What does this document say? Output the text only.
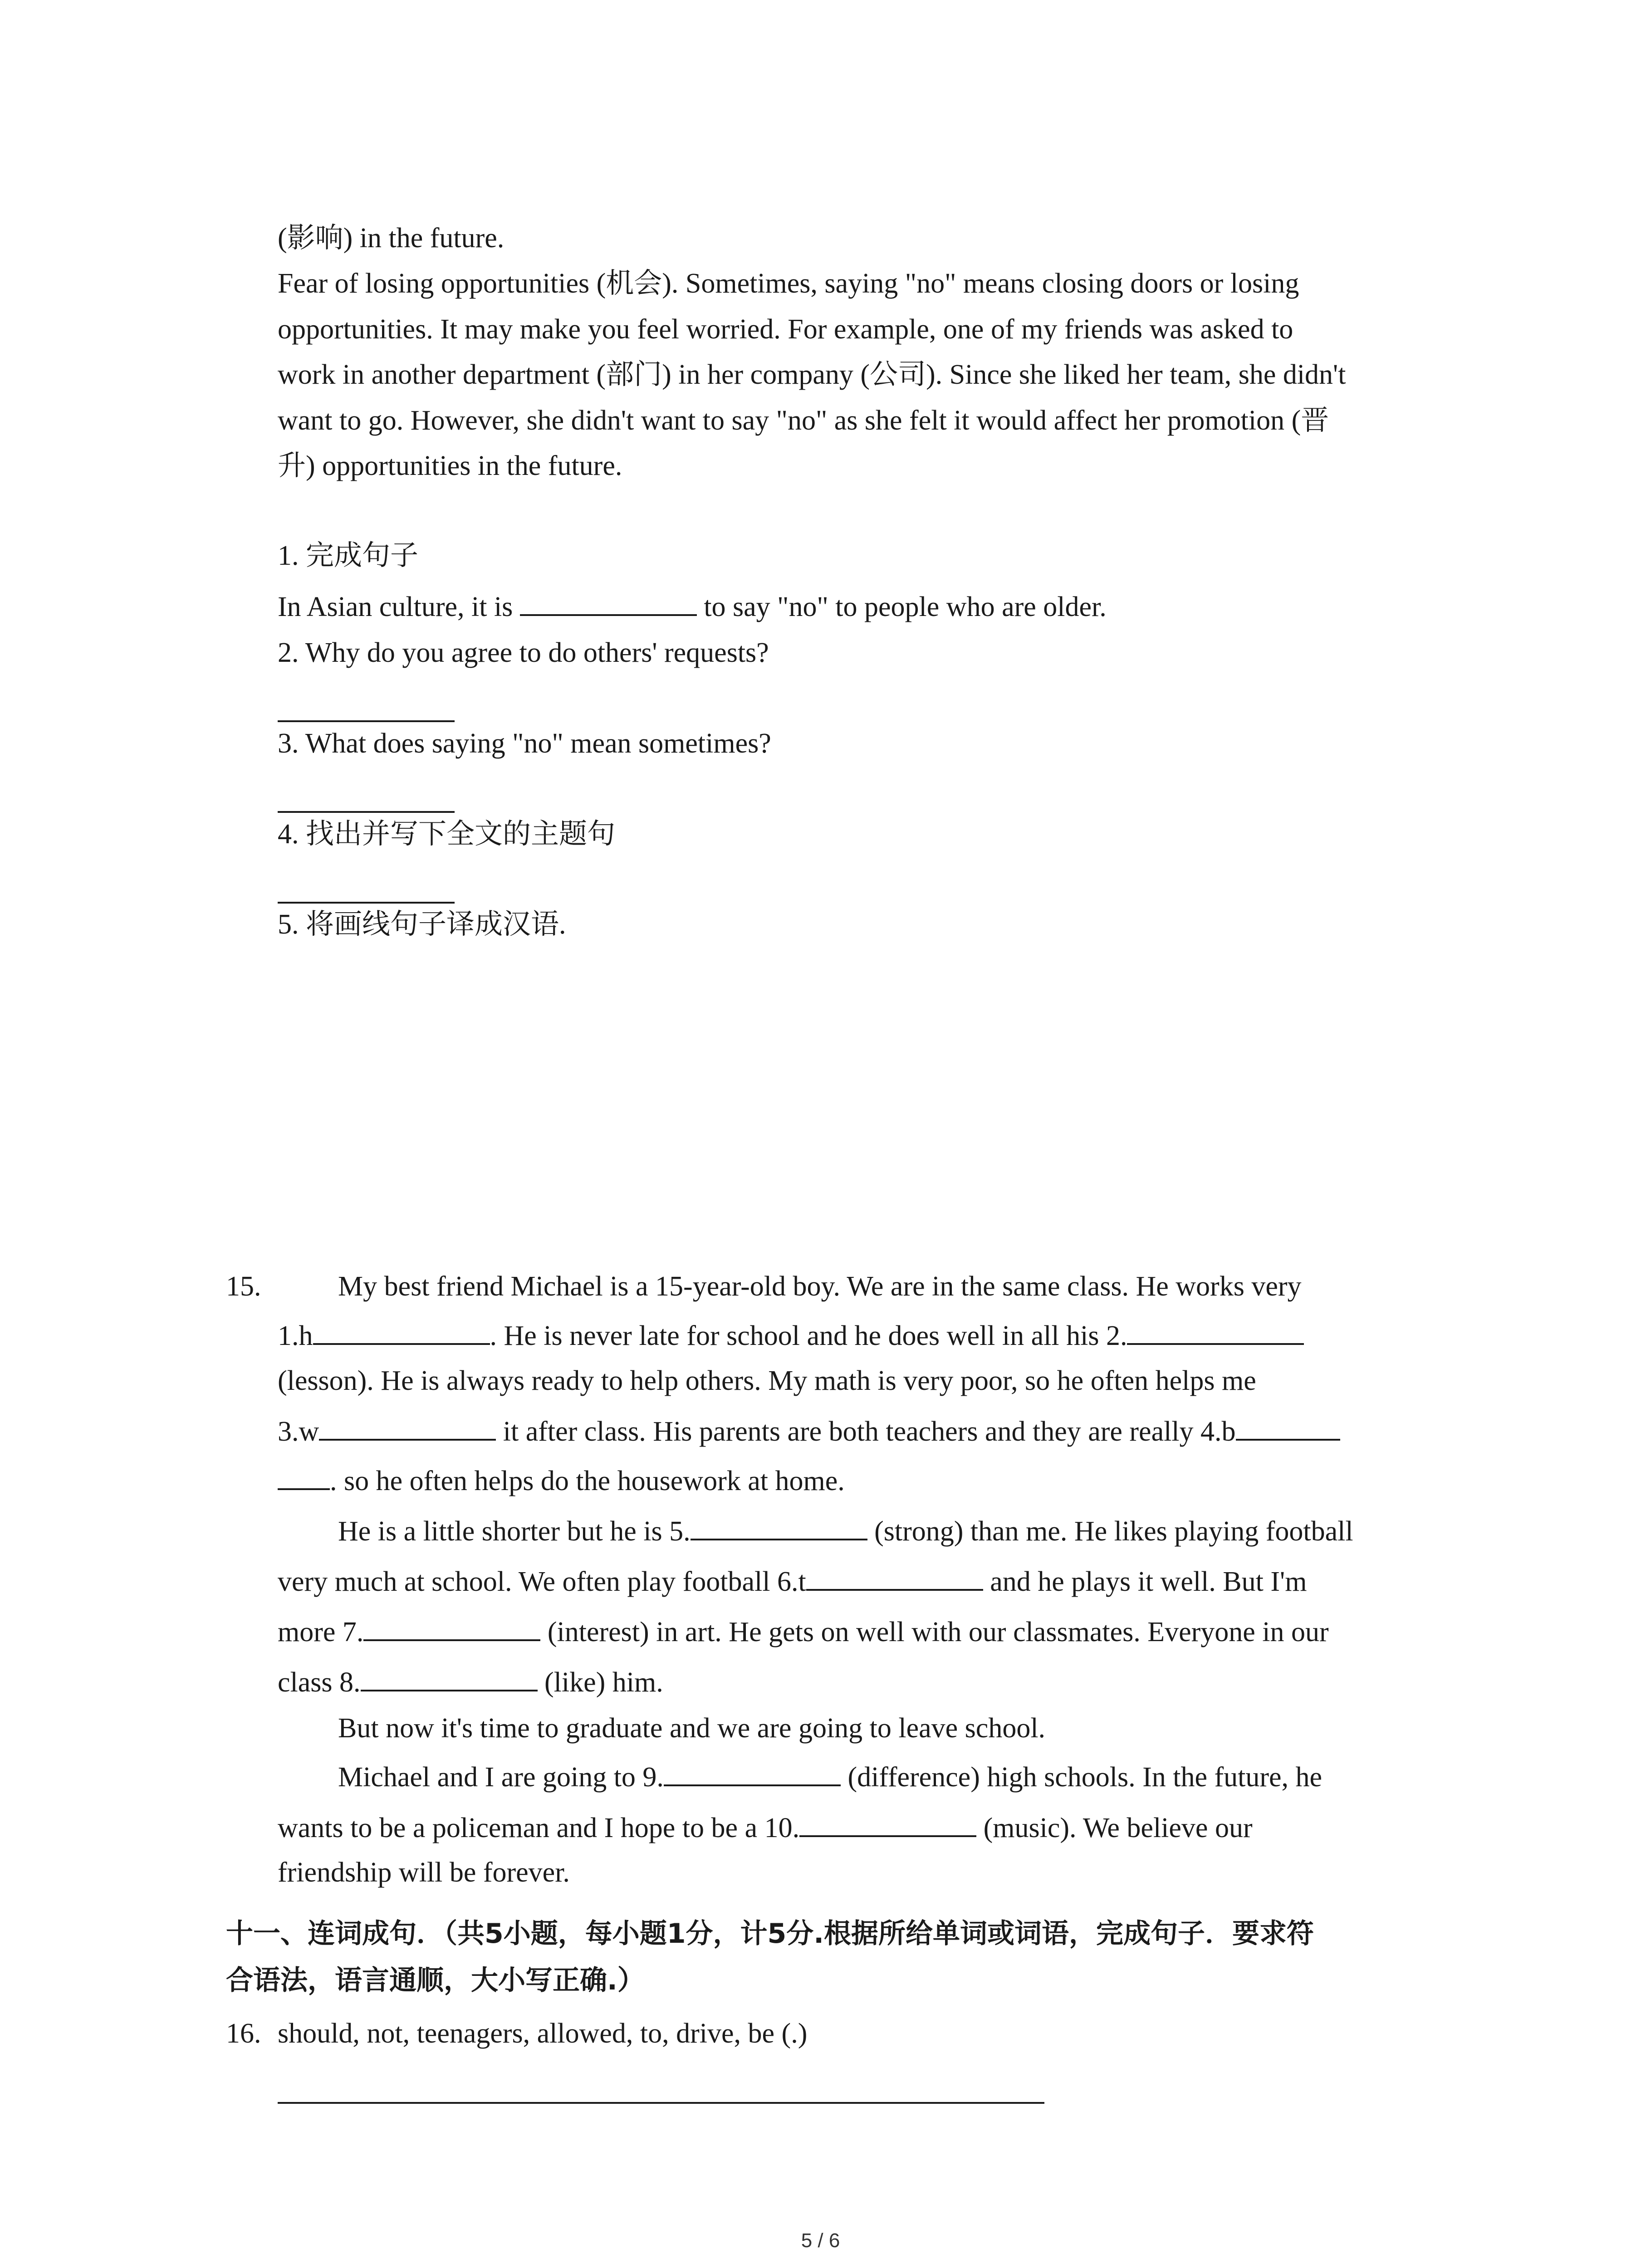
(影响) in the future.
Fear of losing opportunities (机会). Sometimes, saying "no" means closing doors or losing
opportunities. It may make you feel worried. For example, one of my friends was asked to
work in another department (部门) in her company (公司). Since she liked her team, she didn't
want to go. However, she didn't want to say "no" as she felt it would affect her promotion (晋
升) opportunities in the future.
1. 完成句子
In Asian culture, it is	to say "no" to people who are older.
2. Why do you agree to do others' requests?
3. What does saying "no" mean sometimes?
4. 找出并写下全文的主题句
5. 将画线句子译成汉语.
15.	My best friend Michael is a 15-year-old boy. We are in the same class. He works very
1.h	. He is never late for school and he does well in all his 2.
(lesson). He is always ready to help others. My math is very poor, so he often helps me
3.w	it after class. His parents are both teachers and they are really 4.b
. so he often helps do the housework at home.
He is a little shorter but he is 5.	(strong) than me. He likes playing football
very much at school. We often play football 6.t	and he plays it well. But I'm
more 7.	(interest) in art. He gets on well with our classmates. Everyone in our
class 8.	(like) him.
But now it's time to graduate and we are going to leave school.
Michael and I are going to 9.	(difference) high schools. In the future, he
wants to be a policeman and I hope to be a 10.	(music). We believe our
friendship will be forever.
十一、连词成句．（共5小题，每小题1分，计5分.根据所给单词或词语，完成句子．要求符
合语法，语言通顺，大小写正确.）
16. should, not, teenagers, allowed, to, drive, be (.)
5 / 6
